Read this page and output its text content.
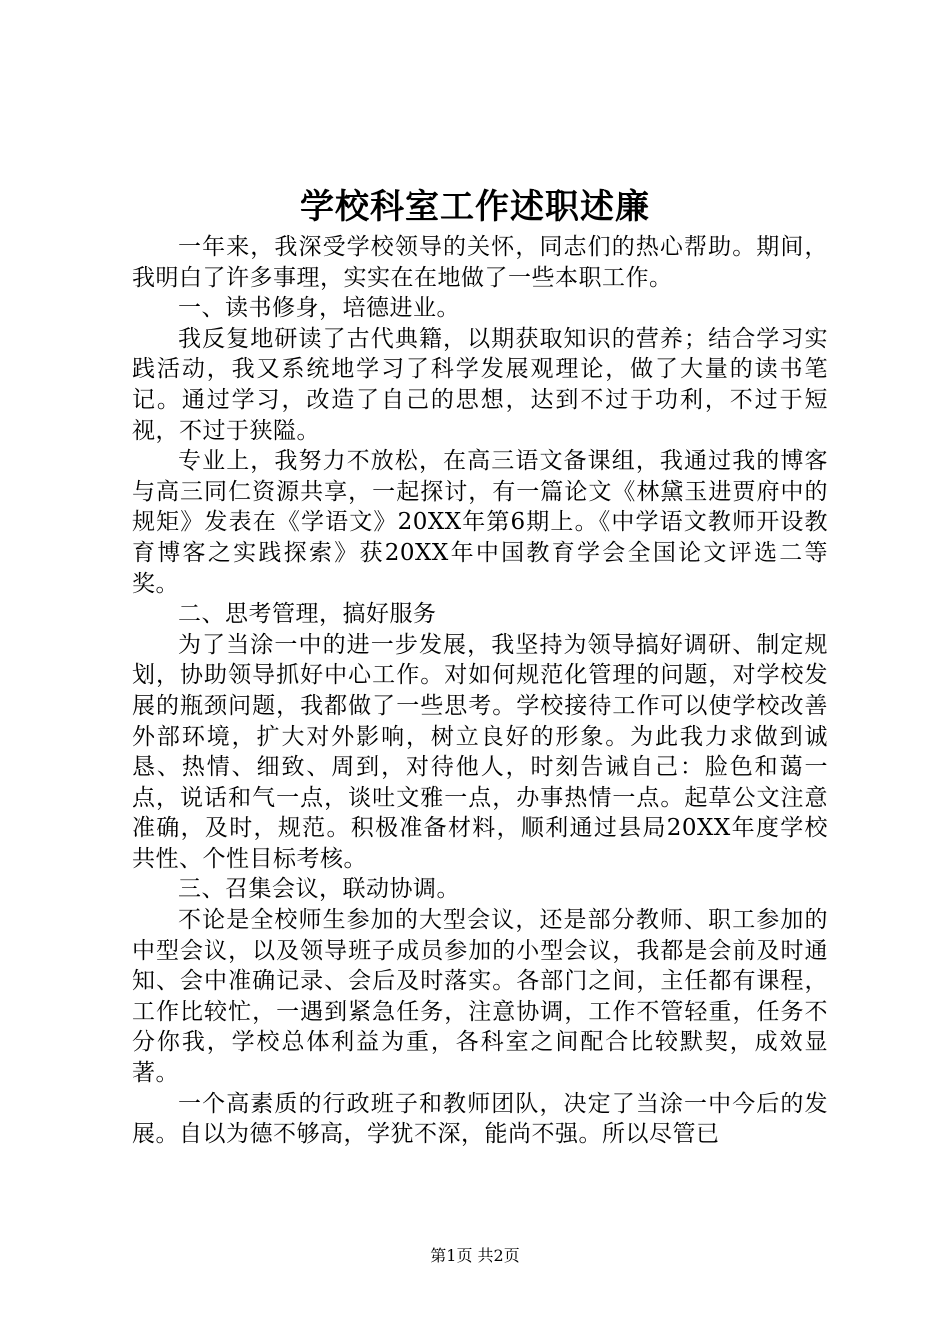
学校科室工作述职述廉

一年来，我深受学校领导的关怀，同志们的热心帮助。期间，我明白了许多事理，实实在在地做了一些本职工作。

一、读书修身，培德进业。

我反复地研读了古代典籍，以期获取知识的营养；结合学习实践活动，我又系统地学习了科学发展观理论，做了大量的读书笔记。通过学习，改造了自己的思想，达到不过于功利，不过于短视，不过于狭隘。

专业上，我努力不放松，在高三语文备课组，我通过我的博客与高三同仁资源共享，一起探讨，有一篇论文《林黛玉进贾府中的规矩》发表在《学语文》20XX年第6期上。《中学语文教师开设教育博客之实践探索》获20XX年中国教育学会全国论文评选二等奖。

二、思考管理，搞好服务

为了当涂一中的进一步发展，我坚持为领导搞好调研、制定规划，协助领导抓好中心工作。对如何规范化管理的问题，对学校发展的瓶颈问题，我都做了一些思考。学校接待工作可以使学校改善外部环境，扩大对外影响，树立良好的形象。为此我力求做到诚恳、热情、细致、周到，对待他人，时刻告诫自己：脸色和蔼一点，说话和气一点，谈吐文雅一点，办事热情一点。起草公文注意准确，及时，规范。积极准备材料，顺利通过县局20XX年度学校共性、个性目标考核。

三、召集会议，联动协调。

不论是全校师生参加的大型会议，还是部分教师、职工参加的中型会议，以及领导班子成员参加的小型会议，我都是会前及时通知、会中准确记录、会后及时落实。各部门之间，主任都有课程，工作比较忙，一遇到紧急任务，注意协调，工作不管轻重，任务不分你我，学校总体利益为重，各科室之间配合比较默契，成效显著。

一个高素质的行政班子和教师团队，决定了当涂一中今后的发展。自以为德不够高，学犹不深，能尚不强。所以尽管已

第1页 共2页
